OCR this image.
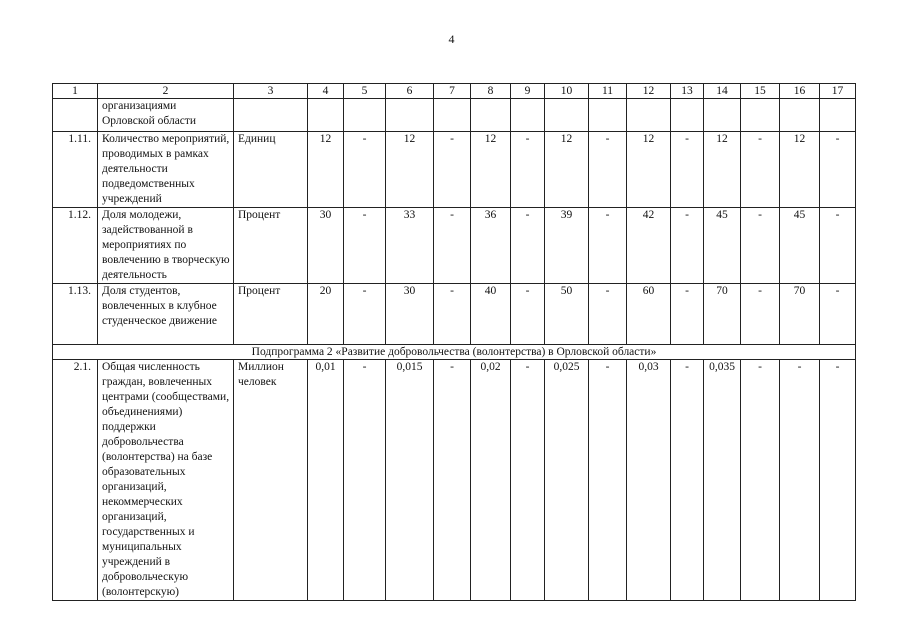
4
1	2	3	4	5	6	7	8	9	10	11	12	13	14	15	16	17
	организациями Орловской области															
1.11.	Количество мероприятий, проводимых в рамках деятельности подведомственных учреждений	Единиц	12	-	12	-	12	-	12	-	12	-	12	-	12	-
1.12.	Доля молодежи, задействованной в мероприятиях по вовлечению в творческую деятельность	Процент	30	-	33	-	36	-	39	-	42	-	45	-	45	-
1.13.	Доля студентов, вовлеченных в клубное студенческое движение	Процент	20	-	30	-	40	-	50	-	60	-	70	-	70	-
Подпрограмма 2 «Развитие добровольчества (волонтерства) в Орловской области»																
2.1.	Общая численность граждан, вовлеченных центрами (сообществами, объединениями) поддержки добровольчества (волонтерства) на базе образовательных организаций, некоммерческих организаций, государственных и муниципальных учреждений в добровольческую (волонтерскую)	Миллион человек	0,01	-	0,015	-	0,02	-	0,025	-	0,03	-	0,035	-	-	-
